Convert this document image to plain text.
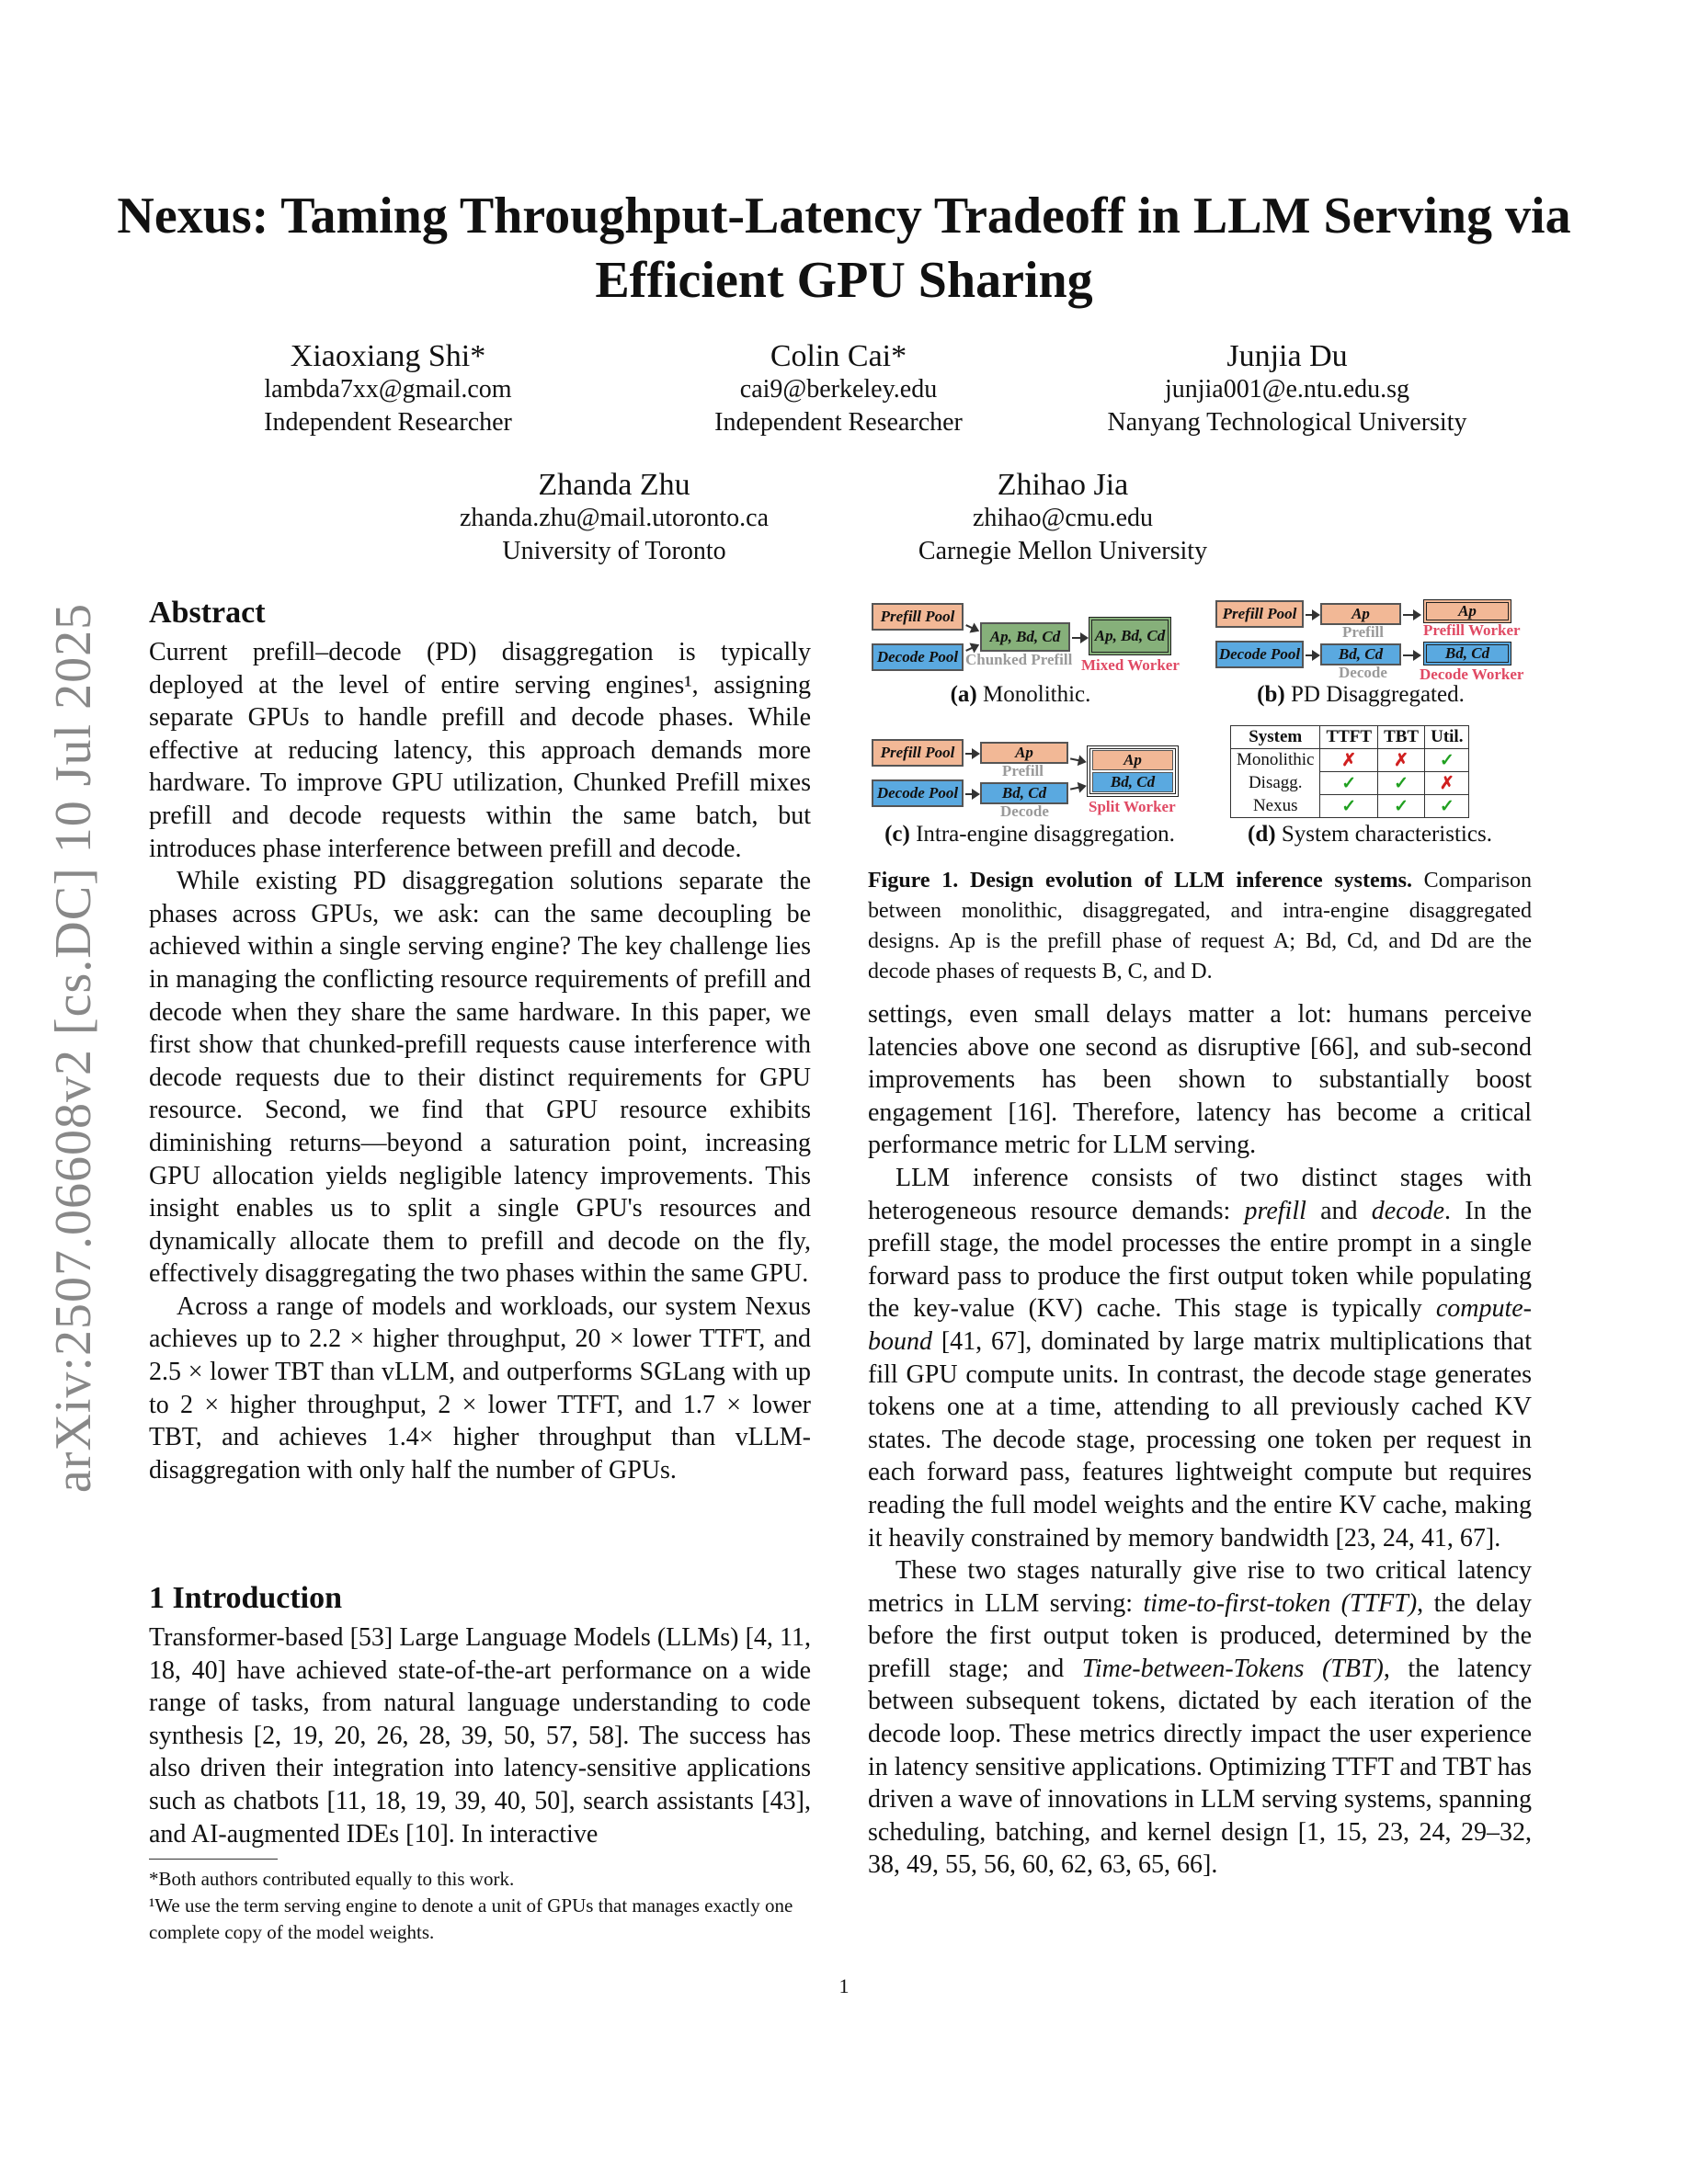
arXiv:2507.06608v2 [cs.DC] 10 Jul 2025
Nexus: Taming Throughput-Latency Tradeoff in LLM Serving via Efficient GPU Sharing
Xiaoxiang Shi*
lambda7xx@gmail.com
Independent Researcher
Colin Cai*
cai9@berkeley.edu
Independent Researcher
Junjia Du
junjia001@e.ntu.edu.sg
Nanyang Technological University
Zhanda Zhu
zhanda.zhu@mail.utoronto.ca
University of Toronto
Zhihao Jia
zhihao@cmu.edu
Carnegie Mellon University
Abstract

Current prefill–decode (PD) disaggregation is typically deployed at the level of entire serving engines¹, assigning separate GPUs to handle prefill and decode phases. While effective at reducing latency, this approach demands more hardware. To improve GPU utilization, Chunked Prefill mixes prefill and decode requests within the same batch, but introduces phase interference between prefill and decode.

While existing PD disaggregation solutions separate the phases across GPUs, we ask: can the same decoupling be achieved within a single serving engine? The key challenge lies in managing the conflicting resource requirements of prefill and decode when they share the same hardware. In this paper, we first show that chunked-prefill requests cause interference with decode requests due to their distinct requirements for GPU resource. Second, we find that GPU resource exhibits diminishing returns—beyond a saturation point, increasing GPU allocation yields negligible latency improvements. This insight enables us to split a single GPU's resources and dynamically allocate them to prefill and decode on the fly, effectively disaggregating the two phases within the same GPU.

Across a range of models and workloads, our system Nexus achieves up to 2.2 × higher throughput, 20 × lower TTFT, and 2.5 × lower TBT than vLLM, and outperforms SGLang with up to 2 × higher throughput, 2 × lower TTFT, and 1.7 × lower TBT, and achieves 1.4× higher throughput than vLLM-disaggregation with only half the number of GPUs.

1 Introduction

Transformer-based [53] Large Language Models (LLMs) [4, 11, 18, 40] have achieved state-of-the-art performance on a wide range of tasks, from natural language understanding to code synthesis [2, 19, 20, 26, 28, 39, 50, 57, 58]. The success has also driven their integration into latency-sensitive applications such as chatbots [11, 18, 19, 39, 40, 50], search assistants [43], and AI-augmented IDEs [10]. In interactive

*Both authors contributed equally to this work.
¹We use the term serving engine to denote a unit of GPUs that manages exactly one complete copy of the model weights.
Prefill Pool
Decode Pool
Ap, Bd, Cd
Chunked Prefill
Ap, Bd, Cd
Mixed Worker
(a) Monolithic.
Prefill Pool
Decode Pool
Ap
Prefill
Bd, Cd
Decode
Ap
Prefill Worker
Bd, Cd
Decode Worker
(b) PD Disaggregated.
Prefill Pool
Decode Pool
Ap
Prefill
Bd, Cd
Decode
Ap
Bd, Cd
Split Worker
(c) Intra-engine disaggregation.
System	TTFT	TBT	Util.
Monolithic	✗	✗	✓
Disagg.	✓	✓	✗
Nexus	✓	✓	✓
(d) System characteristics.
Figure 1. Design evolution of LLM inference systems. Comparison between monolithic, disaggregated, and intra-engine disaggregated designs. Ap is the prefill phase of request A; Bd, Cd, and Dd are the decode phases of requests B, C, and D.

settings, even small delays matter a lot: humans perceive latencies above one second as disruptive [66], and sub-second improvements has been shown to substantially boost engagement [16]. Therefore, latency has become a critical performance metric for LLM serving.

LLM inference consists of two distinct stages with heterogeneous resource demands: prefill and decode. In the prefill stage, the model processes the entire prompt in a single forward pass to produce the first output token while populating the key-value (KV) cache. This stage is typically compute-bound [41, 67], dominated by large matrix multiplications that fill GPU compute units. In contrast, the decode stage generates tokens one at a time, attending to all previously cached KV states. The decode stage, processing one token per request in each forward pass, features lightweight compute but requires reading the full model weights and the entire KV cache, making it heavily constrained by memory bandwidth [23, 24, 41, 67].

These two stages naturally give rise to two critical latency metrics in LLM serving: time-to-first-token (TTFT), the delay before the first output token is produced, determined by the prefill stage; and Time-between-Tokens (TBT), the latency between subsequent tokens, dictated by each iteration of the decode loop. These metrics directly impact the user experience in latency sensitive applications. Optimizing TTFT and TBT has driven a wave of innovations in LLM serving systems, spanning scheduling, batching, and kernel design [1, 15, 23, 24, 29–32, 38, 49, 55, 56, 60, 62, 63, 65, 66].

1
